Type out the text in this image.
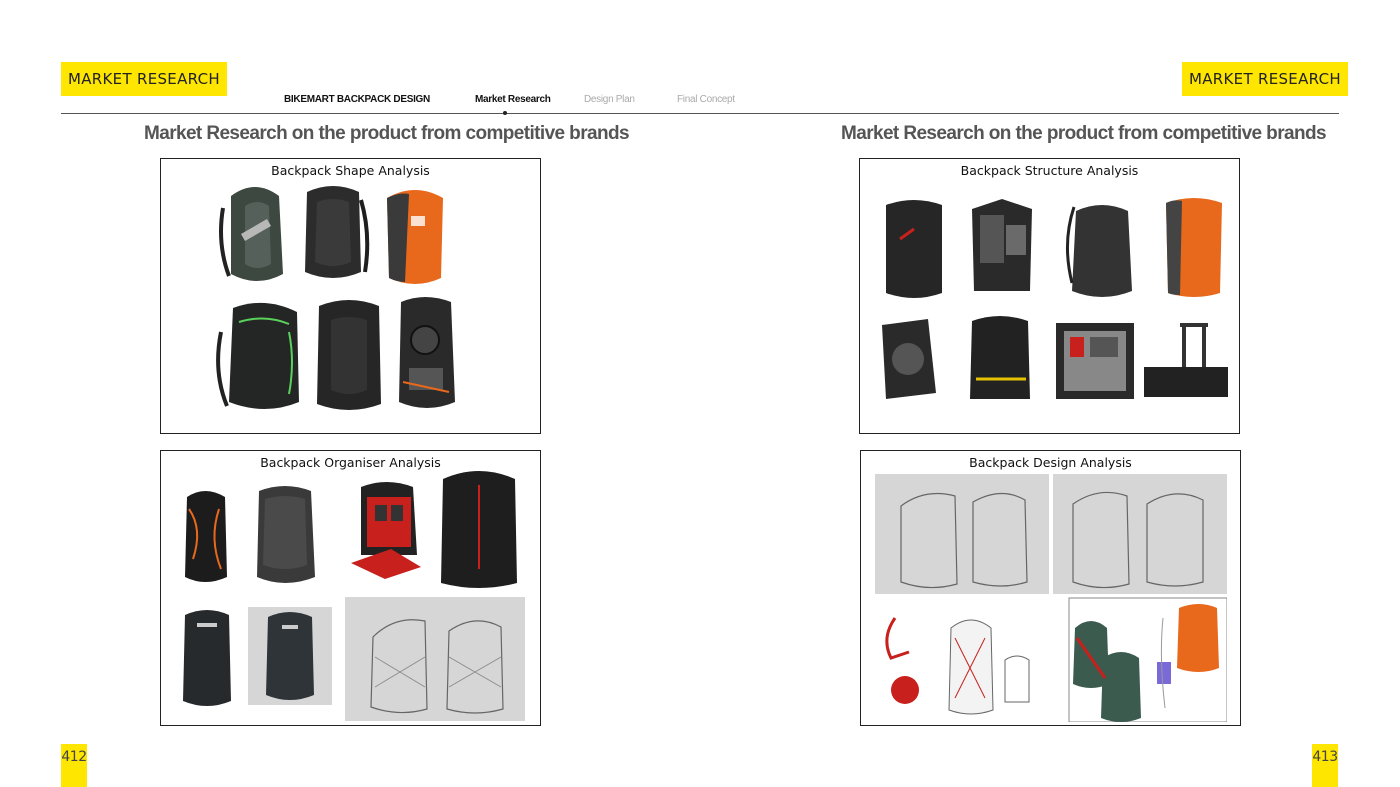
MARKET RESEARCH	MARKET RESEARCH
BIKEMART BACKPACK DESIGN	Market Research	Design Plan	Final Concept
Market Research on the product from competitive brands	Market Research on the product from competitive brands
Backpack Shape Analysis
Backpack Organiser Analysis
Backpack Structure Analysis
Backpack Design Analysis
412	413
